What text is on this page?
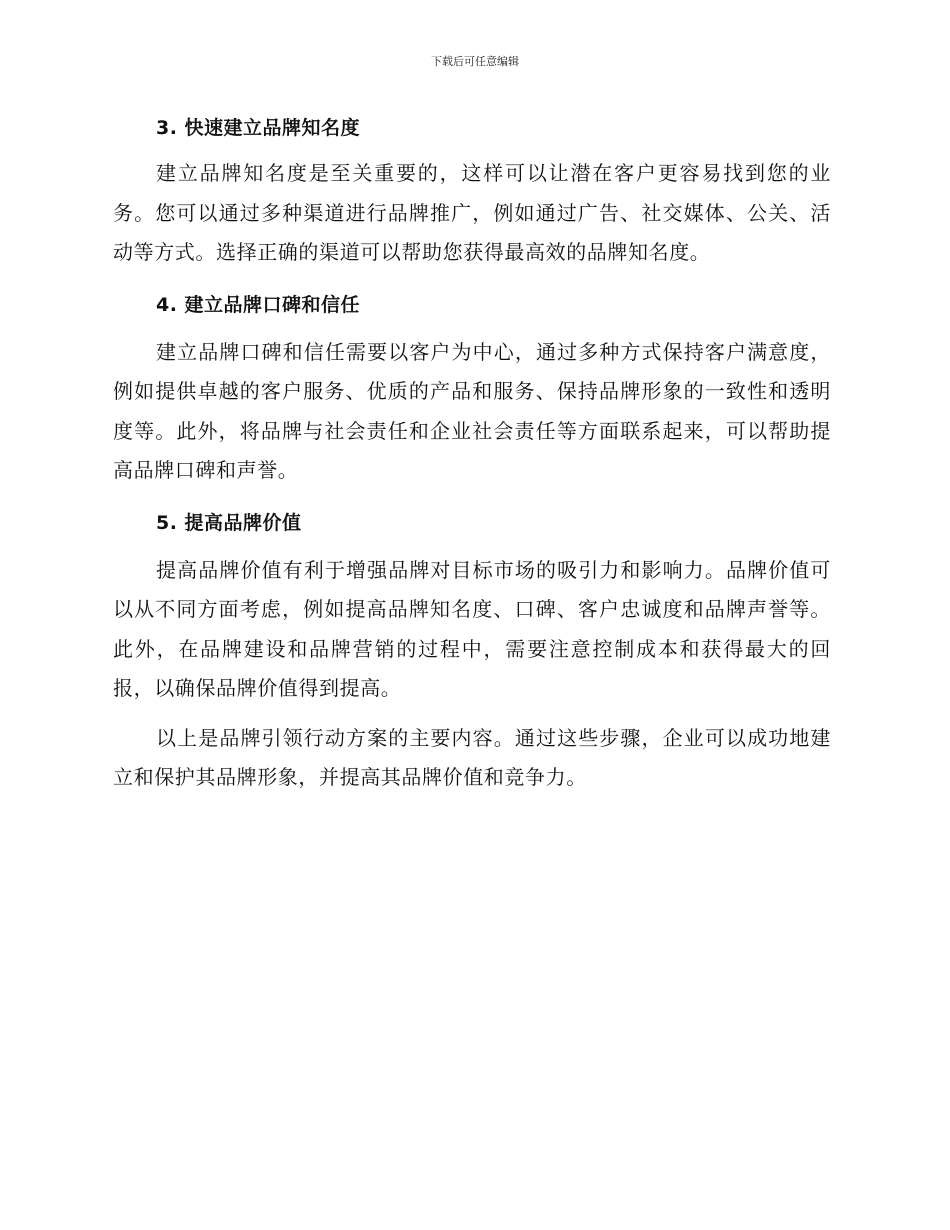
下载后可任意编辑
3. 快速建立品牌知名度

建立品牌知名度是至关重要的，这样可以让潜在客户更容易找到您的业务。您可以通过多种渠道进行品牌推广，例如通过广告、社交媒体、公关、活动等方式。选择正确的渠道可以帮助您获得最高效的品牌知名度。

4. 建立品牌口碑和信任

建立品牌口碑和信任需要以客户为中心，通过多种方式保持客户满意度，例如提供卓越的客户服务、优质的产品和服务、保持品牌形象的一致性和透明度等。此外，将品牌与社会责任和企业社会责任等方面联系起来，可以帮助提高品牌口碑和声誉。

5. 提高品牌价值

提高品牌价值有利于增强品牌对目标市场的吸引力和影响力。品牌价值可以从不同方面考虑，例如提高品牌知名度、口碑、客户忠诚度和品牌声誉等。此外，在品牌建设和品牌营销的过程中，需要注意控制成本和获得最大的回报，以确保品牌价值得到提高。

以上是品牌引领行动方案的主要内容。通过这些步骤，企业可以成功地建立和保护其品牌形象，并提高其品牌价值和竞争力。
